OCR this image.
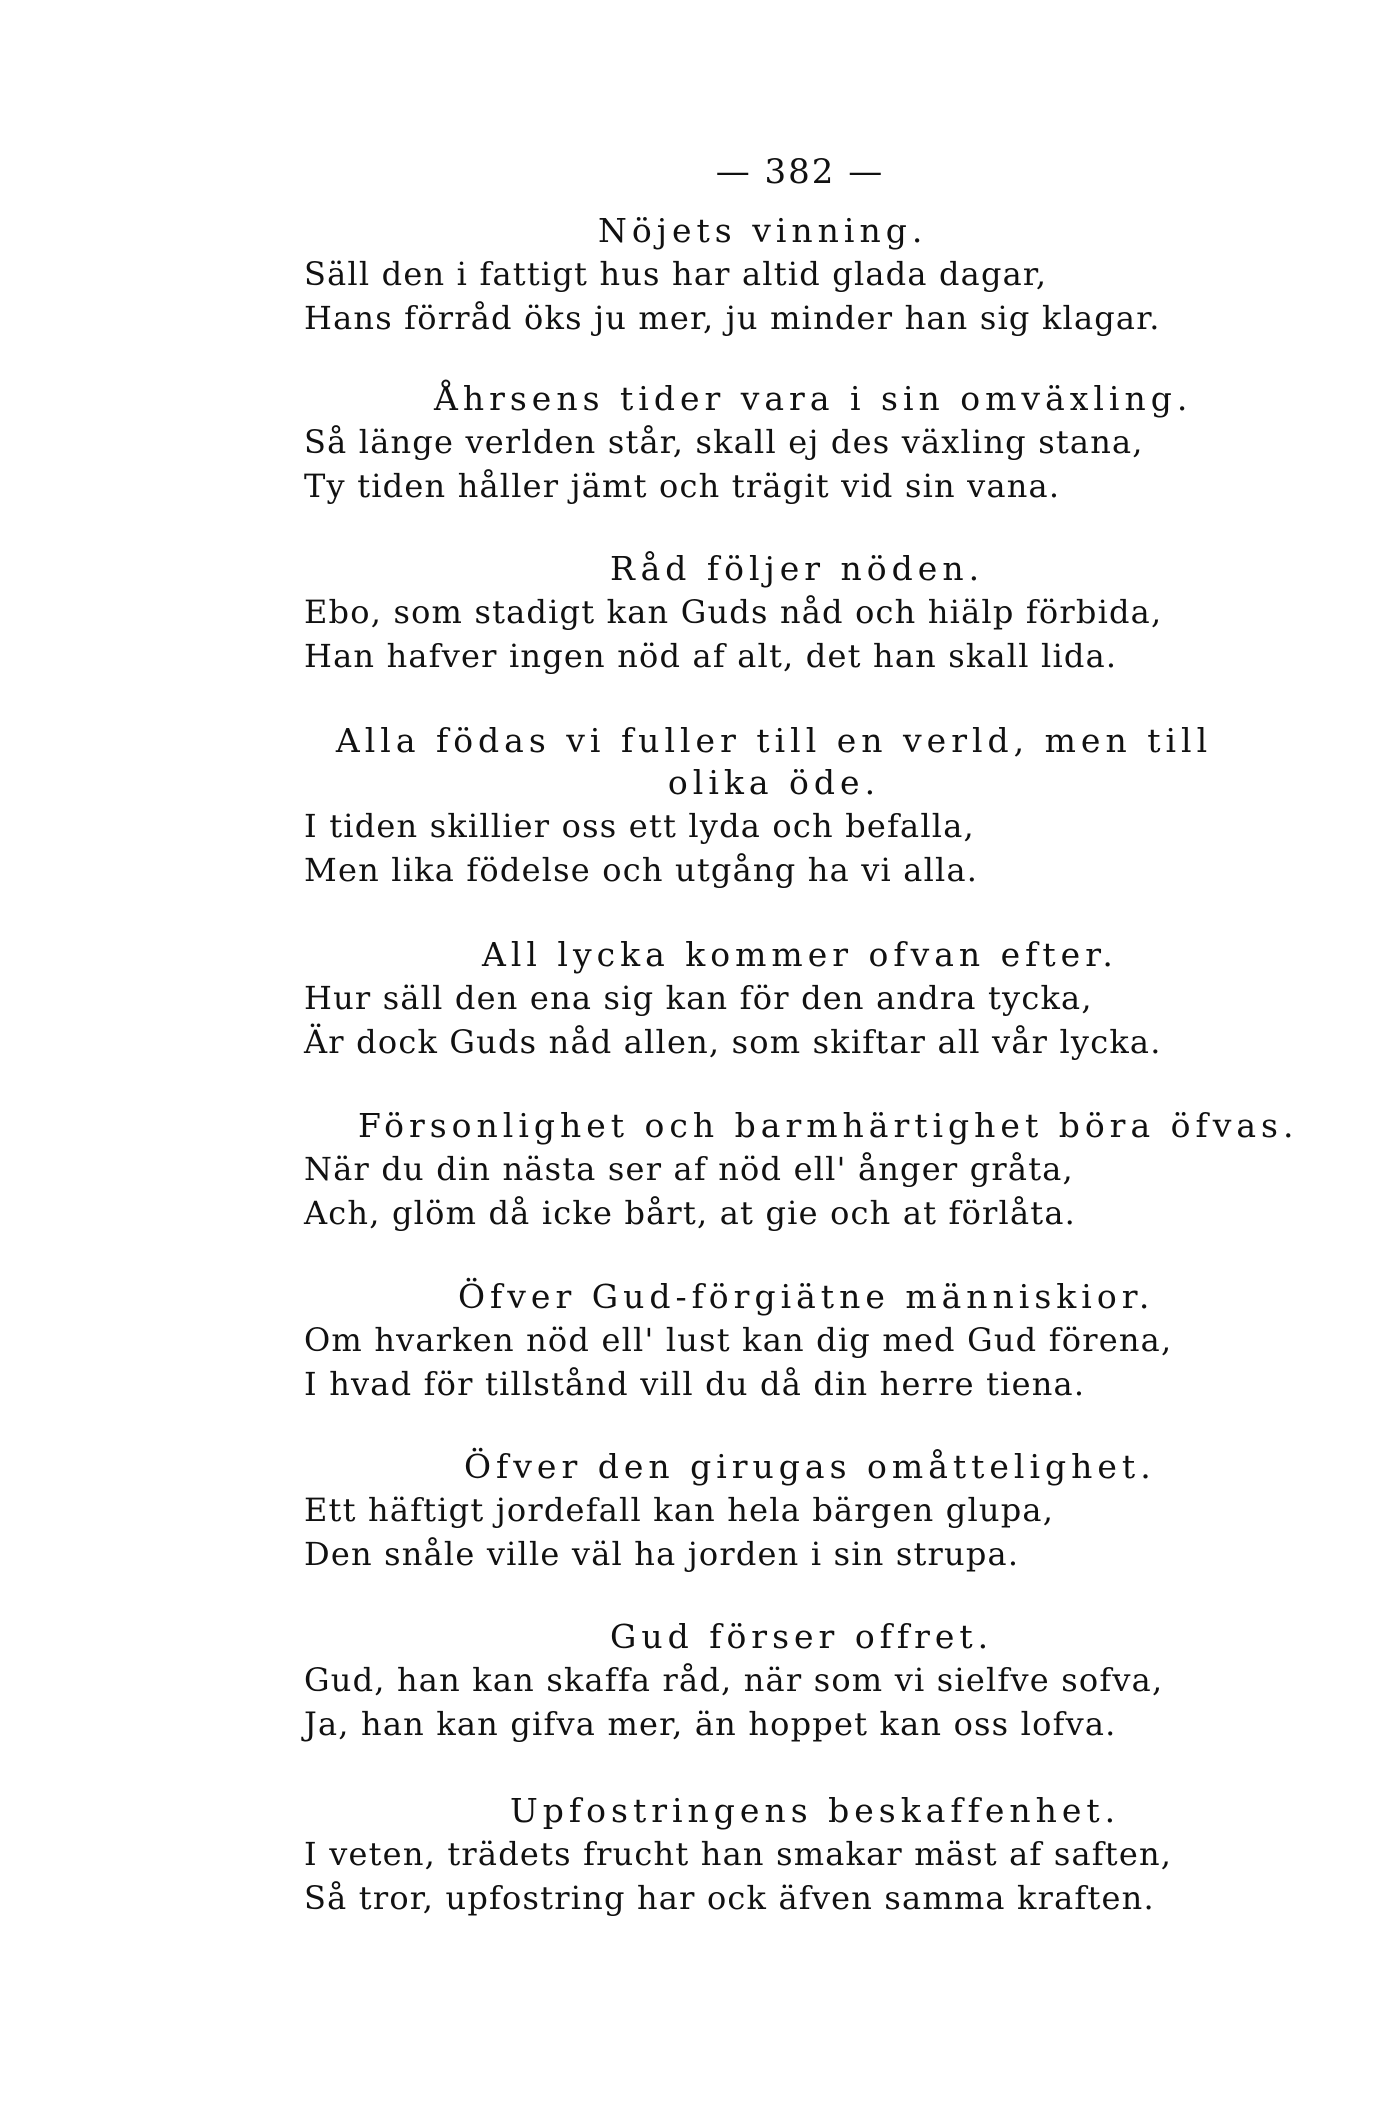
— 382 —
Nöjets vinning.
Säll den i fattigt hus har altid glada dagar,
Hans förråd öks ju mer, ju minder han sig klagar.
Åhrsens tider vara i sin omväxling.
Så länge verlden står, skall ej des växling stana,
Ty tiden håller jämt och trägit vid sin vana.
Råd följer nöden.
Ebo, som stadigt kan Guds nåd och hiälp förbida,
Han hafver ingen nöd af alt, det han skall lida.
Alla födas vi fuller till en verld, men till olika öde.
I tiden skillier oss ett lyda och befalla,
Men lika födelse och utgång ha vi alla.
All lycka kommer ofvan efter.
Hur säll den ena sig kan för den andra tycka,
Är dock Guds nåd allen, som skiftar all vår lycka.
Försonlighet och barmhärtighet böra öfvas.
När du din nästa ser af nöd ell' ånger gråta,
Ach, glöm då icke bårt, at gie och at förlåta.
Öfver Gud-förgiätne människior.
Om hvarken nöd ell' lust kan dig med Gud förena,
I hvad för tillstånd vill du då din herre tiena.
Öfver den girugas omåttelighet.
Ett häftigt jordefall kan hela bärgen glupa,
Den snåle ville väl ha jorden i sin strupa.
Gud förser offret.
Gud, han kan skaffa råd, när som vi sielfve sofva,
Ja, han kan gifva mer, än hoppet kan oss lofva.
Upfostringens beskaffenhet.
I veten, trädets frucht han smakar mäst af saften,
Så tror, upfostring har ock äfven samma kraften.
